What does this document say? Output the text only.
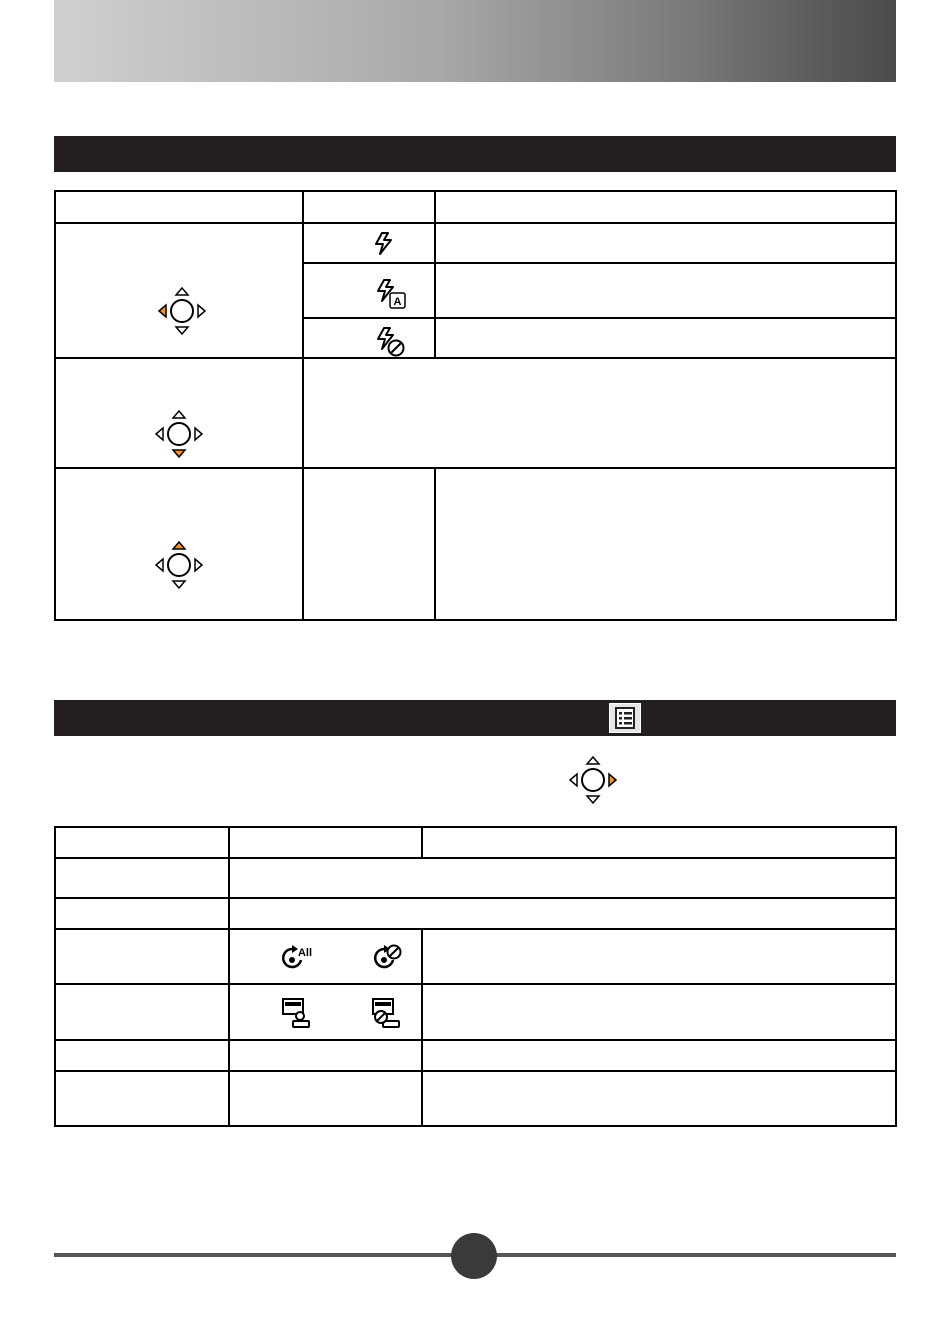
A
All
